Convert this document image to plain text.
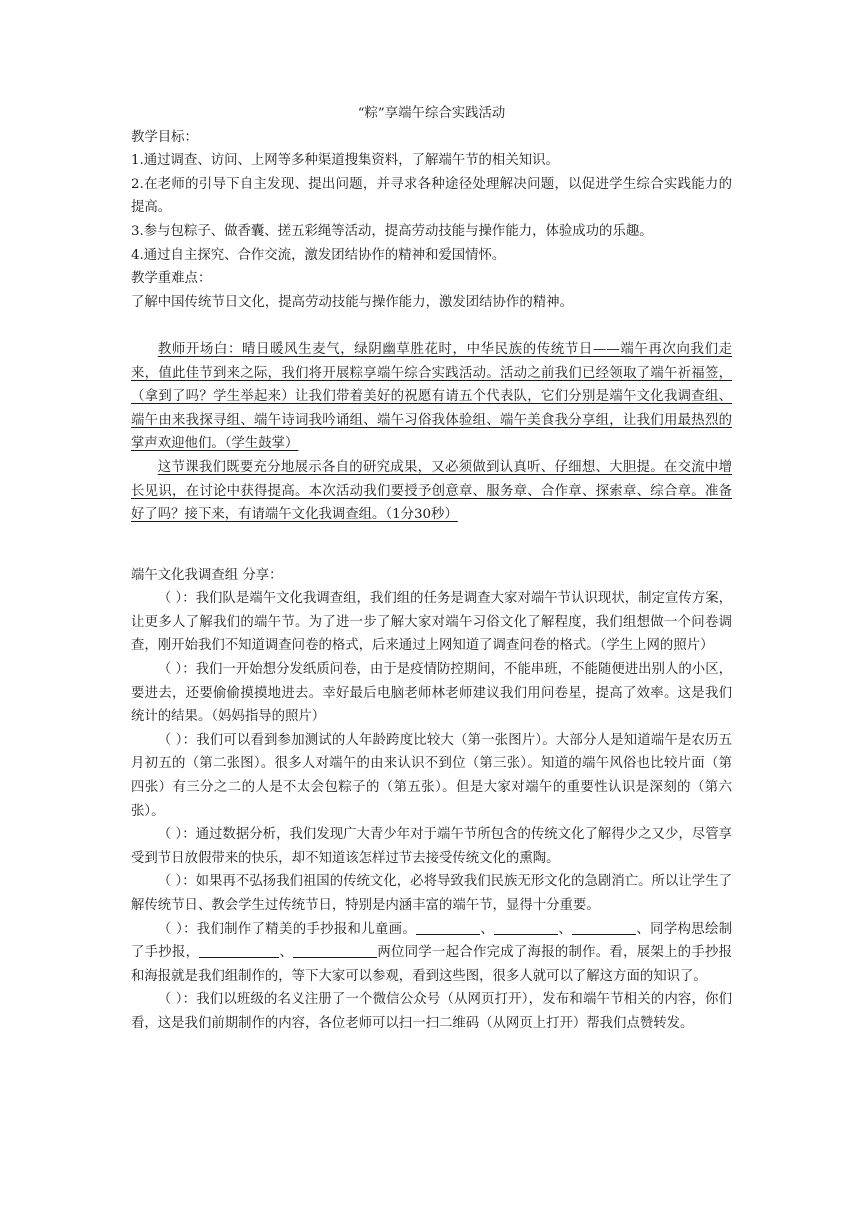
“粽”享端午综合实践活动

教学目标：

1.通过调查、访问、上网等多种渠道搜集资料，了解端午节的相关知识。

2.在老师的引导下自主发现、提出问题，并寻求各种途径处理解决问题，以促进学生综合实践能力的提高。

3.参与包粽子、做香囊、搓五彩绳等活动，提高劳动技能与操作能力，体验成功的乐趣。

4.通过自主探究、合作交流，激发团结协作的精神和爱国情怀。

教学重难点：

了解中国传统节日文化，提高劳动技能与操作能力，激发团结协作的精神。

教师开场白：晴日暖风生麦气，绿阴幽草胜花时，中华民族的传统节日——端午再次向我们走来，值此佳节到来之际，我们将开展粽享端午综合实践活动。活动之前我们已经领取了端午祈福签，（拿到了吗？学生举起来）让我们带着美好的祝愿有请五个代表队，它们分别是端午文化我调查组、端午由来我探寻组、端午诗词我吟诵组、端午习俗我体验组、端午美食我分享组，让我们用最热烈的掌声欢迎他们。（学生鼓掌）

这节课我们既要充分地展示各自的研究成果，又必须做到认真听、仔细想、大胆提。在交流中增长见识，在讨论中获得提高。本次活动我们要授予创意章、服务章、合作章、探索章、综合章。准备好了吗？接下来，有请端午文化我调查组。（1分30秒）

端午文化我调查组 分享：

（ ）：我们队是端午文化我调查组，我们组的任务是调查大家对端午节认识现状，制定宣传方案，让更多人了解我们的端午节。为了进一步了解大家对端午习俗文化了解程度，我们组想做一个问卷调查，刚开始我们不知道调查问卷的格式，后来通过上网知道了调查问卷的格式。（学生上网的照片）

（ ）：我们一开始想分发纸质问卷，由于是疫情防控期间，不能串班，不能随便进出别人的小区，要进去，还要偷偷摸摸地进去。幸好最后电脑老师林老师建议我们用问卷星，提高了效率。这是我们统计的结果。（妈妈指导的照片）

（ ）：我们可以看到参加测试的人年龄跨度比较大（第一张图片）。大部分人是知道端午是农历五月初五的（第二张图）。很多人对端午的由来认识不到位（第三张）。知道的端午风俗也比较片面（第四张）有三分之二的人是不太会包粽子的（第五张）。但是大家对端午的重要性认识是深刻的（第六张）。

（ ）：通过数据分析，我们发现广大青少年对于端午节所包含的传统文化了解得少之又少，尽管享受到节日放假带来的快乐，却不知道该怎样过节去接受传统文化的熏陶。

（ ）：如果再不弘扬我们祖国的传统文化，必将导致我们民族无形文化的急剧消亡。所以让学生了解传统节日、教会学生过传统节日，特别是内涵丰富的端午节，显得十分重要。

（ ）：我们制作了精美的手抄报和儿童画。	、	、	、同学构思绘制了手抄报，	、	两位同学一起合作完成了海报的制作。看，展架上的手抄报和海报就是我们组制作的，等下大家可以参观，看到这些图，很多人就可以了解这方面的知识了。

（ ）：我们以班级的名义注册了一个微信公众号（从网页打开），发布和端午节相关的内容，你们看，这是我们前期制作的内容，各位老师可以扫一扫二维码（从网页上打开）帮我们点赞转发。
